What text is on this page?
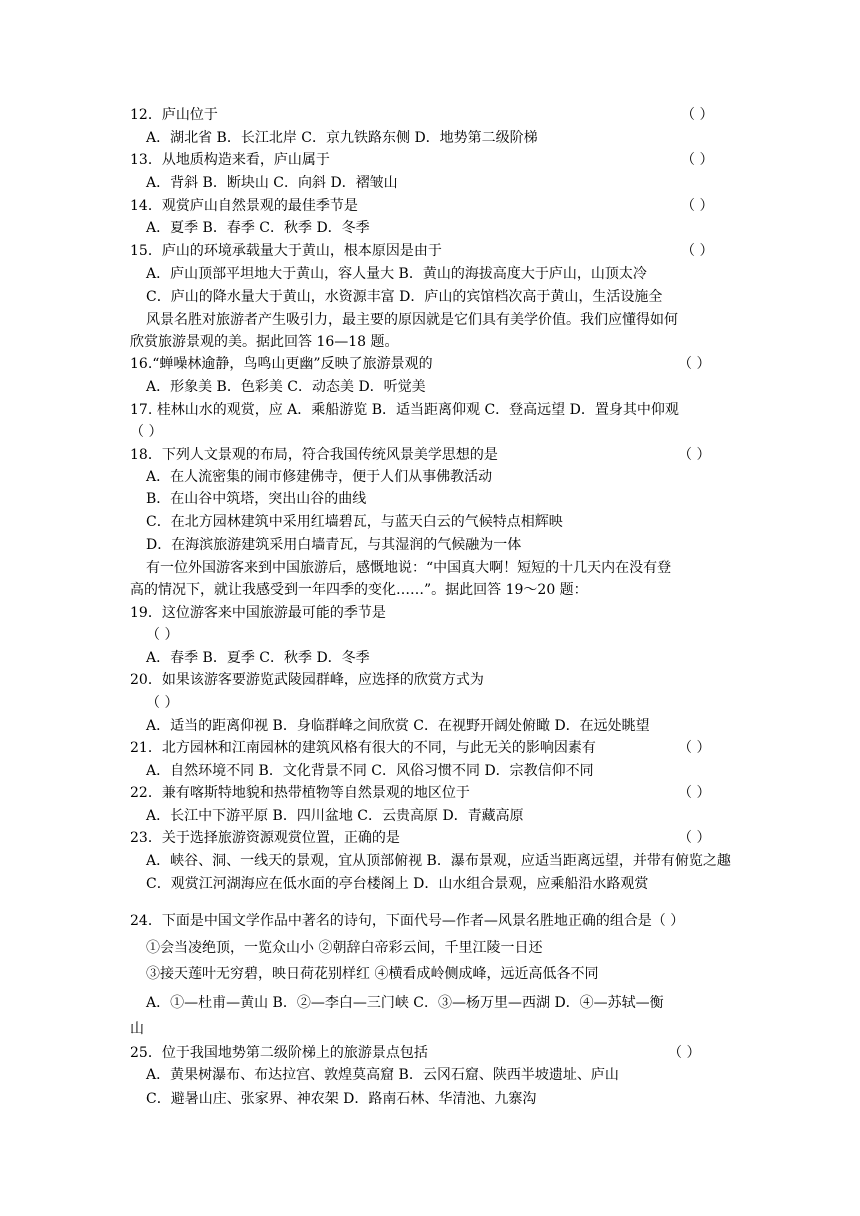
12．庐山位于
A．湖北省 B．长江北岸 C．京九铁路东侧 D．地势第二级阶梯
13．从地质构造来看，庐山属于
A．背斜 B．断块山 C．向斜 D．褶皱山
14．观赏庐山自然景观的最佳季节是
A．夏季 B．春季 C．秋季 D．冬季
15．庐山的环境承载量大于黄山，根本原因是由于
A．庐山顶部平坦地大于黄山，容人量大 B．黄山的海拔高度大于庐山，山顶太冷
C．庐山的降水量大于黄山，水资源丰富 D．庐山的宾馆档次高于黄山，生活设施全
风景名胜对旅游者产生吸引力，最主要的原因就是它们具有美学价值。我们应懂得如何
欣赏旅游景观的美。据此回答 16—18 题。
16.“蝉噪林逾静，鸟鸣山更幽”反映了旅游景观的
A．形象美 B．色彩美 C．动态美 D．听觉美
17. 桂林山水的观赏，应 A．乘船游览 B．适当距离仰观 C．登高远望 D．置身其中仰观
（ ）
18．下列人文景观的布局，符合我国传统风景美学思想的是
A．在人流密集的闹市修建佛寺，便于人们从事佛教活动
B．在山谷中筑塔，突出山谷的曲线
C．在北方园林建筑中采用红墙碧瓦，与蓝天白云的气候特点相辉映
D．在海滨旅游建筑采用白墙青瓦，与其湿润的气候融为一体
有一位外国游客来到中国旅游后，感慨地说：“中国真大啊！短短的十几天内在没有登
高的情况下，就让我感受到一年四季的变化……”。据此回答 19～20 题：
19．这位游客来中国旅游最可能的季节是
（ ）
A．春季 B．夏季 C．秋季 D．冬季
20．如果该游客要游览武陵园群峰，应选择的欣赏方式为
（ ）
A．适当的距离仰视 B．身临群峰之间欣赏 C．在视野开阔处俯瞰 D．在远处眺望
21．北方园林和江南园林的建筑风格有很大的不同，与此无关的影响因素有
A．自然环境不同 B．文化背景不同 C．风俗习惯不同 D．宗教信仰不同
22．兼有喀斯特地貌和热带植物等自然景观的地区位于
A．长江中下游平原 B．四川盆地 C．云贵高原 D．青藏高原
23．关于选择旅游资源观赏位置，正确的是
A．峡谷、洞、一线天的景观，宜从顶部俯视 B．瀑布景观，应适当距离远望，并带有俯览之趣
C．观赏江河湖海应在低水面的亭台楼阁上 D．山水组合景观，应乘船沿水路观赏
24．下面是中国文学作品中著名的诗句，下面代号—作者—风景名胜地正确的组合是（ ）
①会当凌绝顶，一览众山小 ②朝辞白帝彩云间，千里江陵一日还
③接天莲叶无穷碧，映日荷花别样红 ④横看成岭侧成峰，远近高低各不同
A．①—杜甫—黄山 B．②—李白—三门峡 C．③—杨万里—西湖 D．④—苏轼—衡
山
25．位于我国地势第二级阶梯上的旅游景点包括
A．黄果树瀑布、布达拉宫、敦煌莫高窟 B．云冈石窟、陕西半坡遗址、庐山
C．避暑山庄、张家界、神农架 D．路南石林、华清池、九寨沟
（ ）
（ ）
（ ）
（ ）
（ ）
（ ）
（ ）
（ ）
（ ）
（ ）
